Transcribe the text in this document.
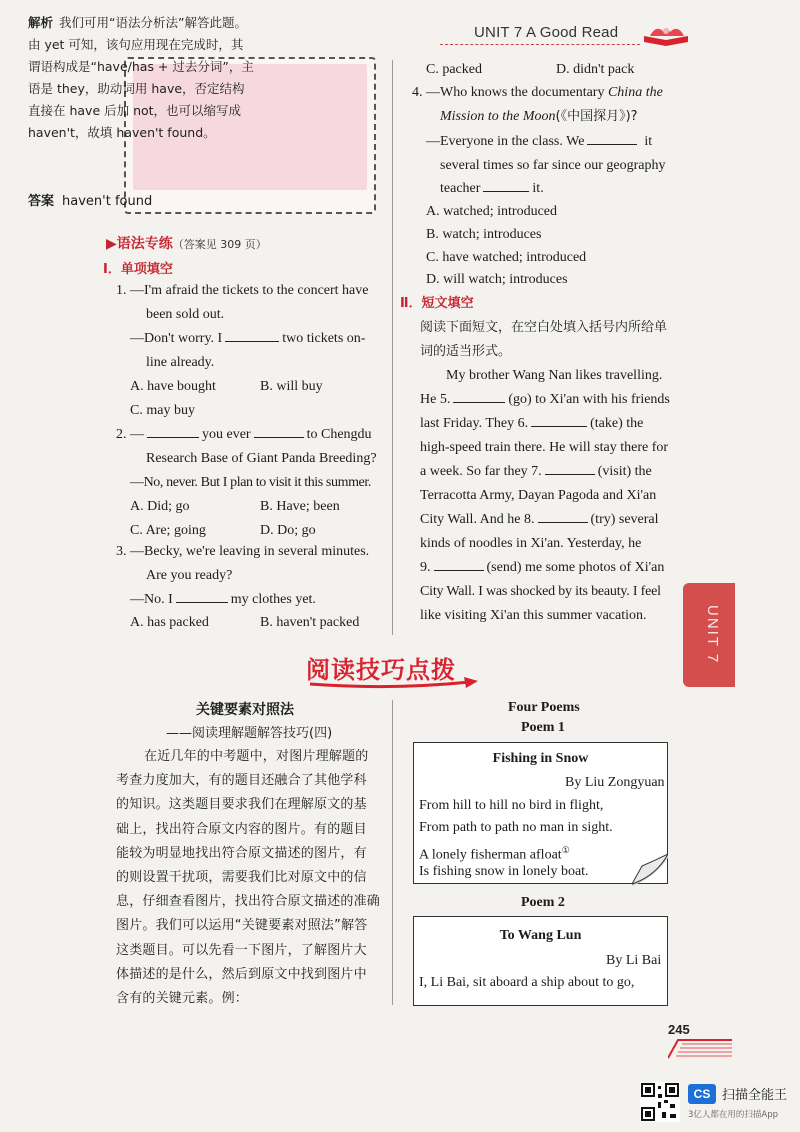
UNIT 7 A Good Read
解析 我们可用“语法分析法”解答此题。由 yet 可知，该句应用现在完成时，其谓语构成是“have/has + 过去分词”，主语是 they，助动词用 have，否定结构直接在 have 后加 not，也可以缩写成 haven't，故填 haven't found。
答案 haven't found
▶语法专练（答案见 309 页）
Ⅰ．单项填空
1. —I'm afraid the tickets to the concert have
been sold out.
—Don't worry. I	two tickets on-
line already.
A. have bought	B. will buy
C. may buy
2. —	you ever	to Chengdu
Research Base of Giant Panda Breeding?
—No, never. But I plan to visit it this summer.
A. Did; go	B. Have; been
C. Are; going	D. Do; go
3. —Becky, we're leaving in several minutes.
Are you ready?
—No. I	my clothes yet.
A. has packed	B. haven't packed
C. packed	D. didn't pack
4. —Who knows the documentary China the
Mission to the Moon(《中国探月》)?
—Everyone in the class. We	it
several times so far since our geography
teacher	it.
A. watched; introduced
B. watch; introduces
C. have watched; introduced
D. will watch; introduces
Ⅱ．短文填空
阅读下面短文，在空白处填入括号内所给单
词的适当形式。
My brother Wang Nan likes travelling.
He 5.	(go) to Xi'an with his friends
last Friday. They 6.	(take) the
high-speed train there. He will stay there for
a week. So far they 7.	(visit) the
Terracotta Army, Dayan Pagoda and Xi'an
City Wall. And he 8.	(try) several
kinds of noodles in Xi'an. Yesterday, he
9.	(send) me some photos of Xi'an
City Wall. I was shocked by its beauty. I feel
like visiting Xi'an this summer vacation.	UNIT 7
阅读技巧点拨
关键要素对照法
——阅读理解题解答技巧(四)
在近几年的中考题中，对图片理解题的
考查力度加大，有的题目还融合了其他学科
的知识。这类题目要求我们在理解原文的基
础上，找出符合原文内容的图片。有的题目
能较为明显地找出符合原文描述的图片，有
的则设置干扰项，需要我们比对原文中的信
息，仔细查看图片，找出符合原文描述的准确
图片。我们可以运用“关键要素对照法”解答
这类题目。可以先看一下图片，了解图片大
体描述的是什么，然后到原文中找到图片中
含有的关键元素。例：
Four Poems
Poem 1
Fishing in Snow
By Liu Zongyuan
From hill to hill no bird in flight,
From path to path no man in sight.
A lonely fisherman afloat①
Is fishing snow in lonely boat.
Poem 2
To Wang Lun
By Li Bai
I, Li Bai, sit aboard a ship about to go,
245
CS 扫描全能王
3亿人都在用的扫描App
